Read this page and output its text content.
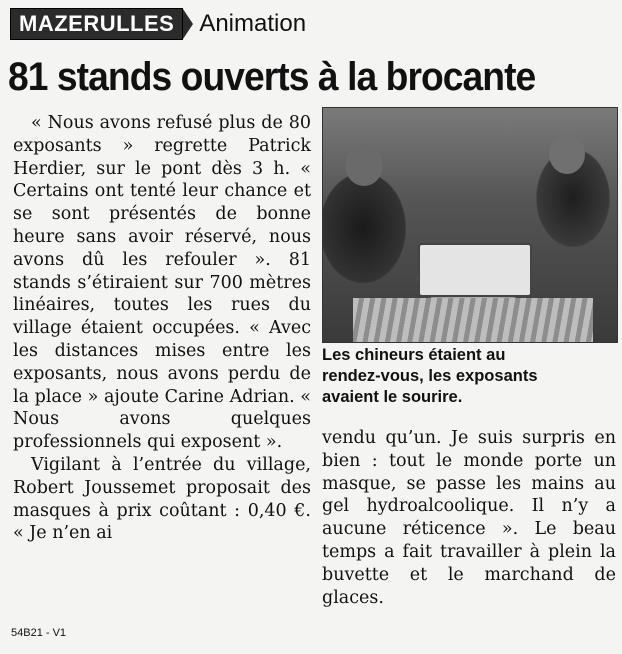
MAZERULLES	Animation
81 stands ouverts à la brocante

« Nous avons refusé plus de 80 exposants » regrette Patrick Herdier, sur le pont dès 3 h. « Certains ont tenté leur chance et se sont présentés de bonne heure sans avoir réservé, nous avons dû les refouler ». 81 stands s’étiraient sur 700 mètres linéaires, toutes les rues du village étaient occupées. « Avec les distances mises entre les exposants, nous avons perdu de la place » ajoute Carine Adrian. « Nous avons quelques professionnels qui exposent ».

Vigilant à l’entrée du village, Robert Joussemet proposait des masques à prix coûtant : 0,40 €. « Je n’en ai

Les chineurs étaient au
rendez-vous, les exposants
avaient le sourire.

vendu qu’un. Je suis surpris en bien : tout le monde porte un masque, se passe les mains au gel hydroalcoolique. Il n’y a aucune réticence ». Le beau temps a fait travailler à plein la buvette et le marchand de glaces.

54B21 - V1
